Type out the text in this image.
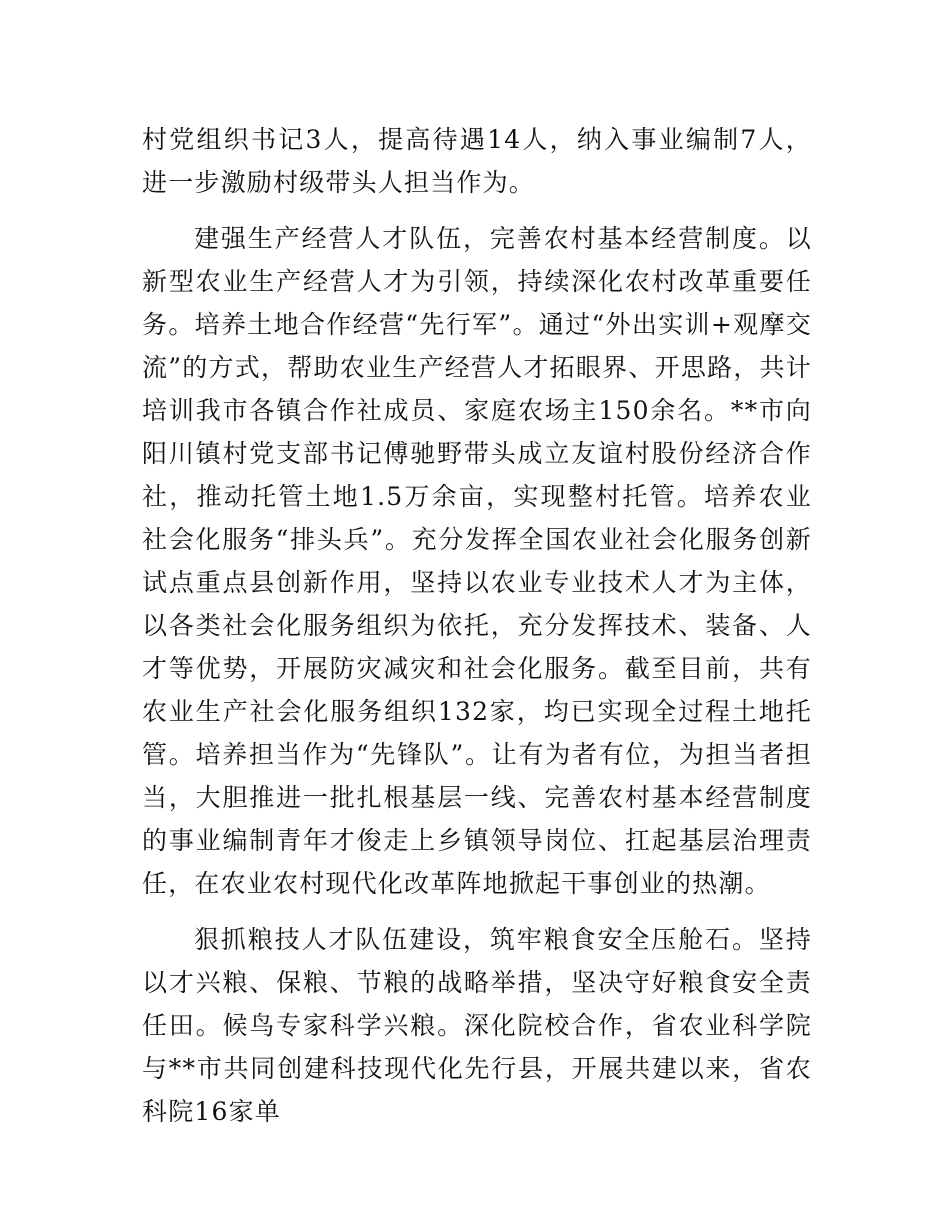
村党组织书记3人，提高待遇14人，纳入事业编制7人，进一步激励村级带头人担当作为。

建强生产经营人才队伍，完善农村基本经营制度。以新型农业生产经营人才为引领，持续深化农村改革重要任务。培养土地合作经营“先行军”。通过“外出实训+观摩交流”的方式，帮助农业生产经营人才拓眼界、开思路，共计培训我市各镇合作社成员、家庭农场主150余名。**市向阳川镇村党支部书记傅驰野带头成立友谊村股份经济合作社，推动托管土地1.5万余亩，实现整村托管。培养农业社会化服务“排头兵”。充分发挥全国农业社会化服务创新试点重点县创新作用，坚持以农业专业技术人才为主体，以各类社会化服务组织为依托，充分发挥技术、装备、人才等优势，开展防灾减灾和社会化服务。截至目前，共有农业生产社会化服务组织132家，均已实现全过程土地托管。培养担当作为“先锋队”。让有为者有位，为担当者担当，大胆推进一批扎根基层一线、完善农村基本经营制度的事业编制青年才俊走上乡镇领导岗位、扛起基层治理责任，在农业农村现代化改革阵地掀起干事创业的热潮。

狠抓粮技人才队伍建设，筑牢粮食安全压舱石。坚持以才兴粮、保粮、节粮的战略举措，坚决守好粮食安全责任田。候鸟专家科学兴粮。深化院校合作，省农业科学院与**市共同创建科技现代化先行县，开展共建以来，省农科院16家单
